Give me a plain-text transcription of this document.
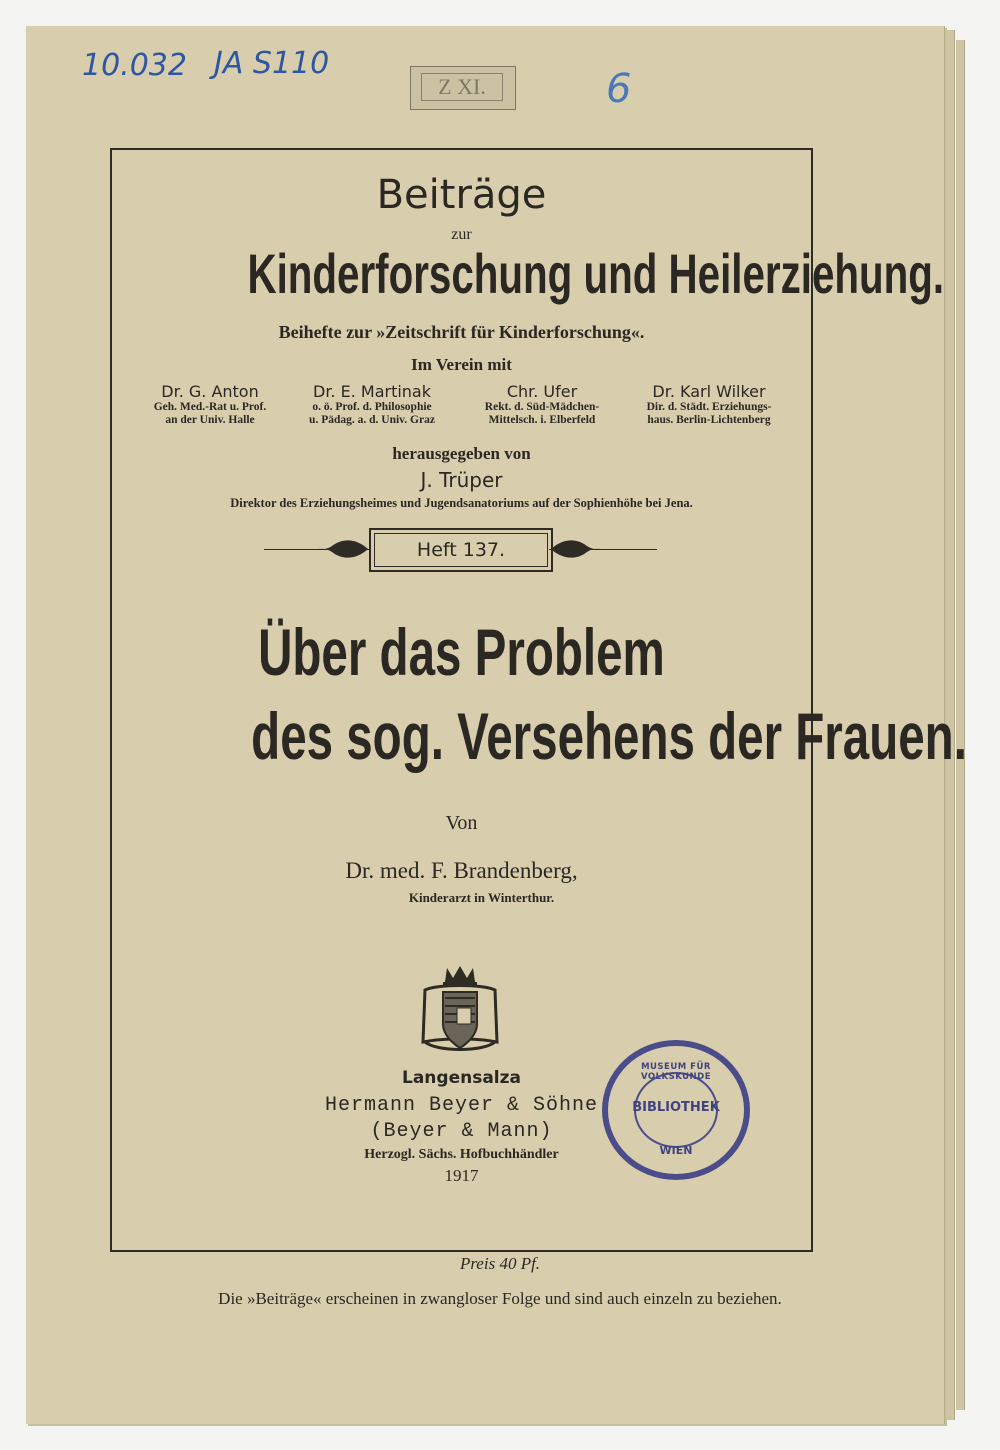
10.032 JA S110
6
Z XI.
Beiträge
zur
Kinderforschung und Heilerziehung.
Beihefte zur »Zeitschrift für Kinderforschung«.
Im Verein mit
Dr. G. Anton
Geh. Med.-Rat u. Prof.
an der Univ. Halle
Dr. E. Martinak
o. ö. Prof. d. Philosophie
u. Pädag. a. d. Univ. Graz
Chr. Ufer
Rekt. d. Süd-Mädchen-
Mittelsch. i. Elberfeld
Dr. Karl Wilker
Dir. d. Städt. Erziehungs-
haus. Berlin-Lichtenberg
herausgegeben von
J. Trüper
Direktor des Erziehungsheimes und Jugendsanatoriums auf der Sophienhöhe bei Jena.
Heft 137.
Über das Problem
des sog. Versehens der Frauen.
Von
Dr. med. F. Brandenberg,
Kinderarzt in Winterthur.
Langensalza
Hermann Beyer & Söhne
(Beyer & Mann)
Herzogl. Sächs. Hofbuchhändler
1917
MUSEUM FÜR VOLKSKUNDE
BIBLIOTHEK
WIEN
Preis 40 Pf.
Die »Beiträge« erscheinen in zwangloser Folge und sind auch einzeln zu beziehen.
